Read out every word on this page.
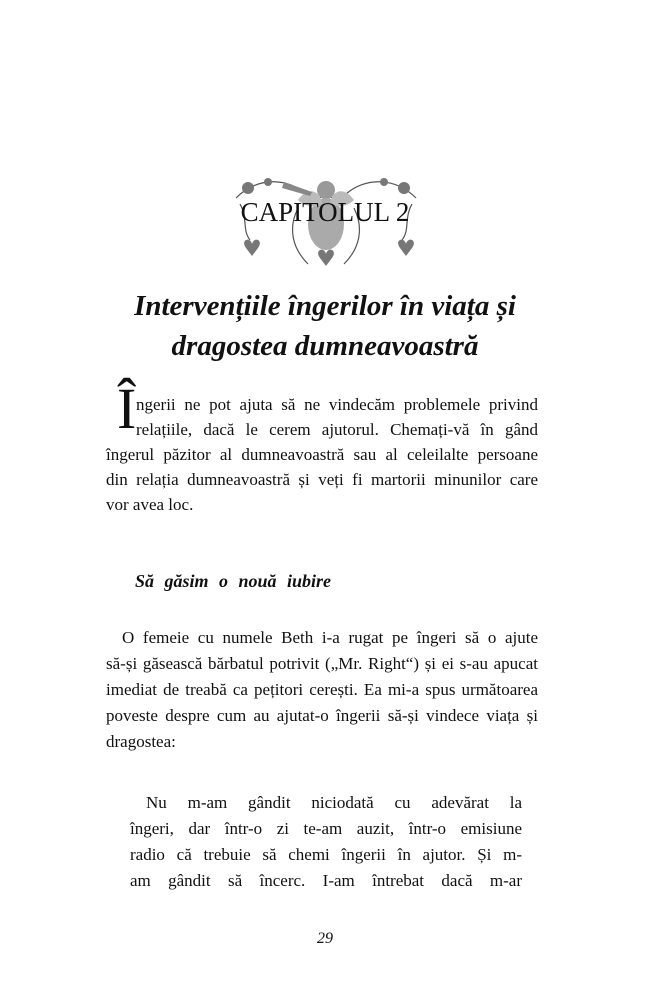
CAPITOLUL 2
Intervențiile îngerilor în viața și
dragostea dumneavoastră
Î ngerii ne pot ajuta să ne vindecăm problemele privind
relațiile, dacă le cerem ajutorul. Chemați-vă în gând
îngerul păzitor al dumneavoastră sau al celeilalte persoane
din relația dumneavoastră și veți fi martorii minunilor care
vor avea loc.

Să găsim o nouă iubire

O femeie cu numele Beth i-a rugat pe îngeri să o ajute
să-și găsească bărbatul potrivit („Mr. Right“) și ei s-au apucat
imediat de treabă ca pețitori cerești. Ea mi-a spus următoarea
poveste despre cum au ajutat-o îngerii să-și vindece viața și
dragostea:

Nu m-am gândit niciodată cu adevărat la
îngeri, dar într-o zi te-am auzit, într-o emisiune
radio că trebuie să chemi îngerii în ajutor. Și m-
am gândit să încerc. I-am întrebat dacă m-ar

29
